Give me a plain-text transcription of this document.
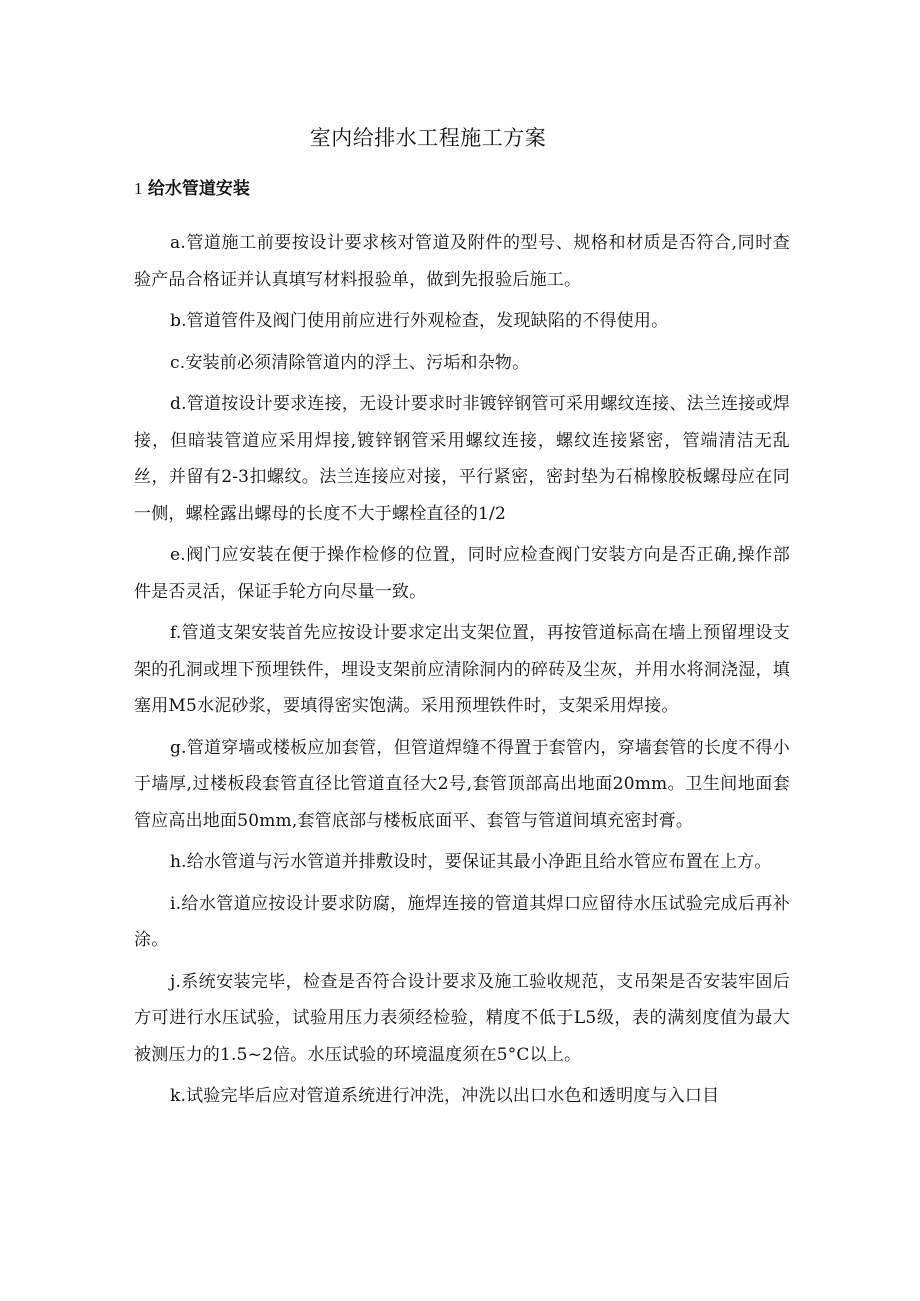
室内给排水工程施工方案
1 给水管道安装

a.管道施工前要按设计要求核对管道及附件的型号、规格和材质是否符合,同时查验产品合格证并认真填写材料报验单，做到先报验后施工。

b.管道管件及阀门使用前应进行外观检查，发现缺陷的不得使用。

c.安装前必须清除管道内的浮土、污垢和杂物。

d.管道按设计要求连接，无设计要求时非镀锌钢管可采用螺纹连接、法兰连接或焊接，但暗装管道应采用焊接,镀锌钢管采用螺纹连接，螺纹连接紧密，管端清洁无乱丝，并留有2-3扣螺纹。法兰连接应对接，平行紧密，密封垫为石棉橡胶板螺母应在同一侧，螺栓露出螺母的长度不大于螺栓直径的1/2

e.阀门应安装在便于操作检修的位置，同时应检查阀门安装方向是否正确,操作部件是否灵活，保证手轮方向尽量一致。

f.管道支架安装首先应按设计要求定出支架位置，再按管道标高在墙上预留埋设支架的孔洞或埋下预埋铁件，埋设支架前应清除洞内的碎砖及尘灰，并用水将洞浇湿，填塞用M5水泥砂浆，要填得密实饱满。采用预埋铁件时，支架采用焊接。

g.管道穿墙或楼板应加套管，但管道焊缝不得置于套管内，穿墙套管的长度不得小于墙厚,过楼板段套管直径比管道直径大2号,套管顶部高出地面20mm。卫生间地面套管应高出地面50mm,套管底部与楼板底面平、套管与管道间填充密封膏。

h.给水管道与污水管道并排敷设时，要保证其最小净距且给水管应布置在上方。

i.给水管道应按设计要求防腐，施焊连接的管道其焊口应留待水压试验完成后再补涂。

j.系统安装完毕，检查是否符合设计要求及施工验收规范，支吊架是否安装牢固后方可进行水压试验，试验用压力表须经检验，精度不低于L5级，表的满刻度值为最大被测压力的1.5~2倍。水压试验的环境温度须在5°C以上。

k.试验完毕后应对管道系统进行冲洗，冲洗以出口水色和透明度与入口目
